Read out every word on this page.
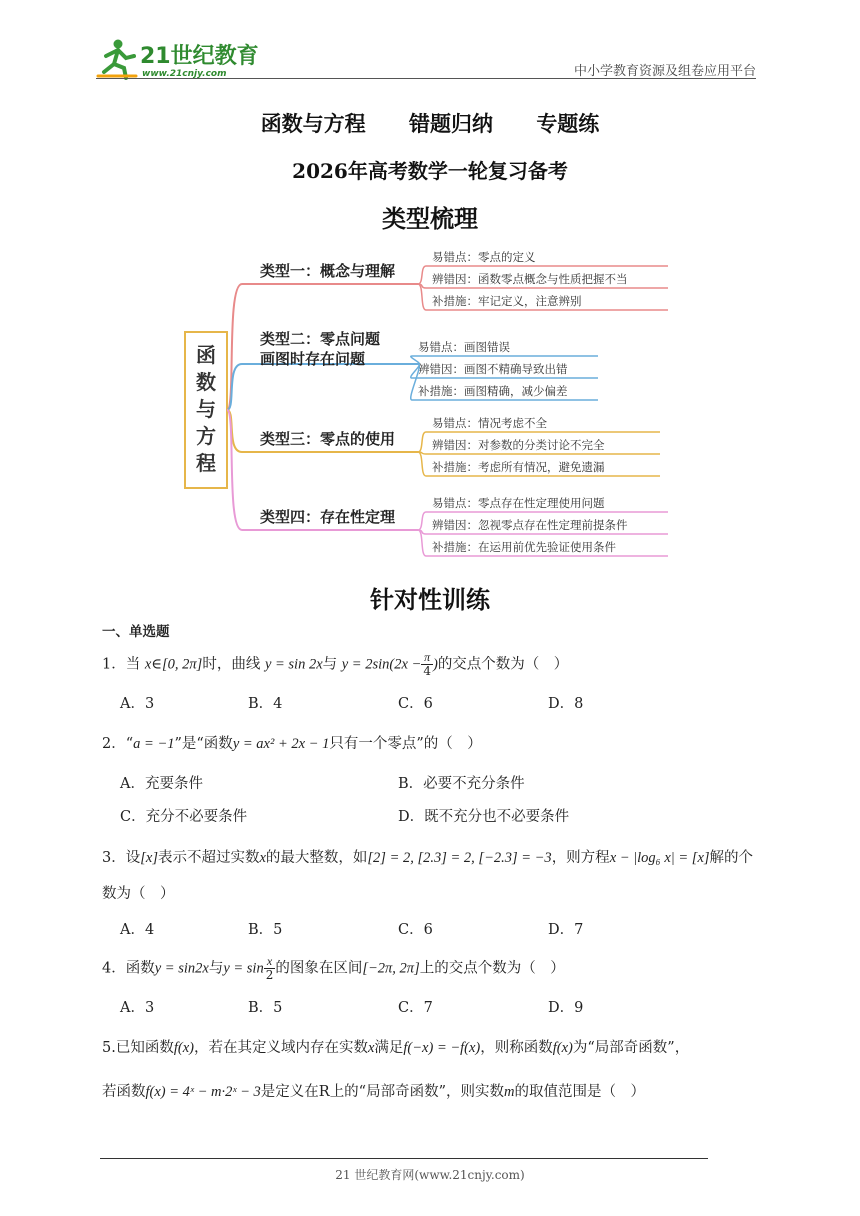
21世纪教育
www.21cnjy.com	中小学教育资源及组卷应用平台
函数与方程 错题归纳 专题练
2026年高考数学一轮复习备考
类型梳理
函
数
与
方
程
类型一：概念与理解
易错点：零点的定义
辨错因：函数零点概念与性质把握不当
补措施：牢记定义，注意辨别
类型二：零点问题
画图时存在问题
易错点：画图错误
辨错因：画图不精确导致出错
补措施：画图精确，减少偏差
类型三：零点的使用
易错点：情况考虑不全
辨错因：对参数的分类讨论不完全
补措施：考虑所有情况，避免遗漏
类型四：存在性定理
易错点：零点存在性定理使用问题
辨错因：忽视零点存在性定理前提条件
补措施：在运用前优先验证使用条件
针对性训练
一、单选题
1．当 x∈[0, 2π]时，曲线 y = sin 2x与 $y = 2\sin(2x - \frac{\pi}{4}$ )的交点个数为（　）
A．3	B．4	C．6	D．8
2．“a = −1”是“函数y = ax² + 2x − 1只有一个零点”的（　）
A．充要条件	B．必要不充分条件
C．充分不必要条件	D．既不充分也不必要条件
3．设[x]表示不超过实数x的最大整数，如[2] = 2, [2.3] = 2, [−2.3] = −3，则方程x − |log₆ x| = [x]解的个
数为（　）
A．4	B．5	C．6	D．7
4．函数y = sin2x与$y = \sin \frac{x}{2}$ 的图象在区间[−2π, 2π]上的交点个数为（　）
A．3	B．5	C．7	D．9
5.已知函数f(x)，若在其定义域内存在实数x满足f(−x) = −f(x)，则称函数f(x)为“局部奇函数”，
若函数f(x) = 4ˣ − m·2ˣ − 3是定义在R上的“局部奇函数”，则实数m的取值范围是（　）
21 世纪教育网(www.21cnjy.com)
